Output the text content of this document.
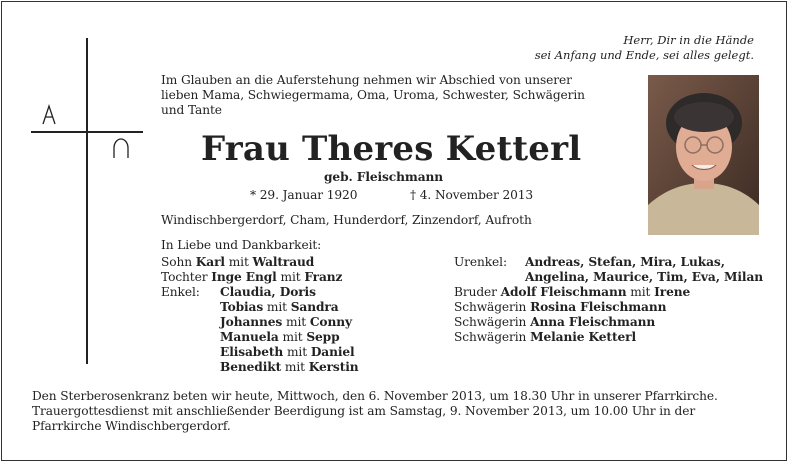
Herr, Dir in die Hände
sei Anfang und Ende, sei alles gelegt.
Im Glauben an die Auferstehung nehmen wir Abschied von unserer
lieben Mama, Schwiegermama, Oma, Uroma, Schwester, Schwägerin
und Tante
Frau Theres Ketterl
geb. Fleischmann
* 29. Januar 1920	† 4. November 2013
Windischbergerdorf, Cham, Hunderdorf, Zinzendorf, Aufroth
In Liebe und Dankbarkeit:
Sohn Karl mit Waltraud
Tochter Inge Engl mit Franz
Enkel: Claudia, Doris
Tobias mit Sandra
Johannes mit Conny
Manuela mit Sepp
Elisabeth mit Daniel
Benedikt mit Kerstin
Urenkel: Andreas, Stefan, Mira, Lukas,
Angelina, Maurice, Tim, Eva, Milan
Bruder Adolf Fleischmann mit Irene
Schwägerin Rosina Fleischmann
Schwägerin Anna Fleischmann
Schwägerin Melanie Ketterl
Den Sterberosenkranz beten wir heute, Mittwoch, den 6. November 2013, um 18.30 Uhr in unserer Pfarrkirche.
Trauergottesdienst mit anschließender Beerdigung ist am Samstag, 9. November 2013, um 10.00 Uhr in der
Pfarrkirche Windischbergerdorf.
